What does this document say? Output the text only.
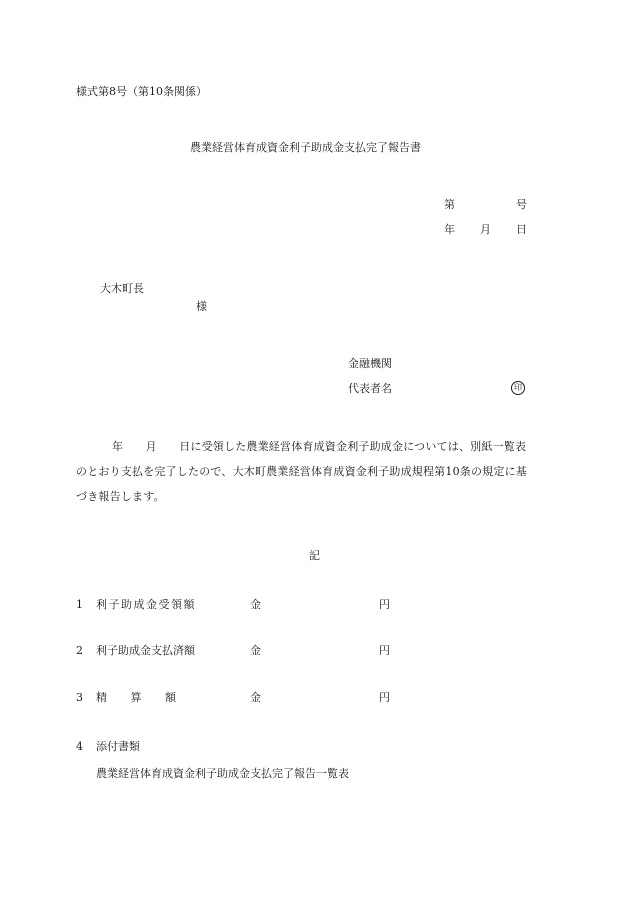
様式第8号（第10条関係）
農業経営体育成資金利子助成金支払完了報告書
第	号
年 月 日
大木町長
様
金融機関
代表者名	印
年　　月　　日に受領した農業経営体育成資金利子助成金については、別紙一覧表
のとおり支払を完了したので、大木町農業経営体育成資金利子助成規程第10条の規定に基
づき報告します。
記
1 利子助成金受領額	金	円
2 利子助成金支払済額	金	円
3 精　　算　　額	金	円
4 添付書類
農業経営体育成資金利子助成金支払完了報告一覧表
